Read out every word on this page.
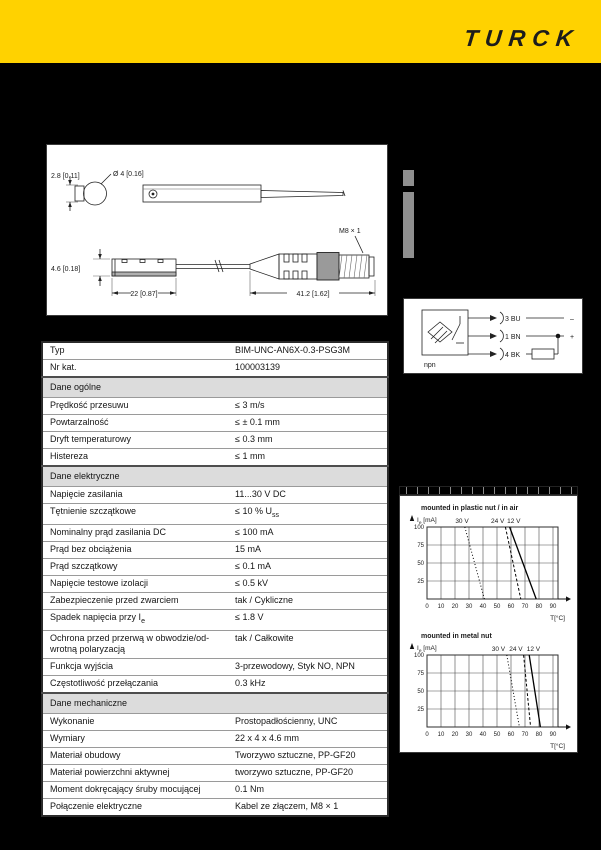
TURCK
2.8 [0.11]	Ø 4 [0.16]
4.6 [0.18]
M8 × 1
22 [0.87]	41.2 [1.62]
npn
3 BU	–
1 BN	+
4 BK
Typ	BIM-UNC-AN6X-0.3-PSG3M
Nr kat.	100003139
Dane ogólne	
Prędkość przesuwu	≤ 3 m/s
Powtarzalność	≤ ± 0.1 mm
Dryft temperaturowy	≤ 0.3 mm
Histereza	≤ 1 mm
Dane elektryczne	
Napięcie zasilania	11...30 V DC
Tętnienie szczątkowe	≤ 10 % $U_{ss}$
Nominalny prąd zasilania DC	≤ 100 mA
Prąd bez obciążenia	15 mA
Prąd szczątkowy	≤ 0.1 mA
Napięcie testowe izolacji	≤ 0.5 kV
Zabezpieczenie przed zwarciem	tak / Cykliczne
Spadek napięcia przy $I_e$	≤ 1.8 V
Ochrona przed przerwą w obwodzie/odwrotną polaryzacją	tak / Całkowite
Funkcja wyjścia	3-przewodowy, Styk NO, NPN
Częstotliwość przełączania	0.3 kHz
Dane mechaniczne	
Wykonanie	Prostopadłościenny, UNC
Wymiary	22 x 4 x 4.6 mm
Materiał obudowy	Tworzywo sztuczne, PP-GF20
Materiał powierzchni aktywnej	tworzywo sztuczne, PP-GF20
Moment dokręcający śruby mocującej	0.1 Nm
Połączenie elektryczne	Kabel ze złączem, M8 × 1
mounted in plastic nut / in air
$I_e$ [mA]
0 10 20 30 40 50 60 70 80 90
25
50
75
100
30 V	24 V 12 V
T[°C]
mounted in metal nut
$I_e$ [mA]
0 10 20 30 40 50 60 70 80 90
25
50
75
100
30 V 24 V 12 V
T[°C]
